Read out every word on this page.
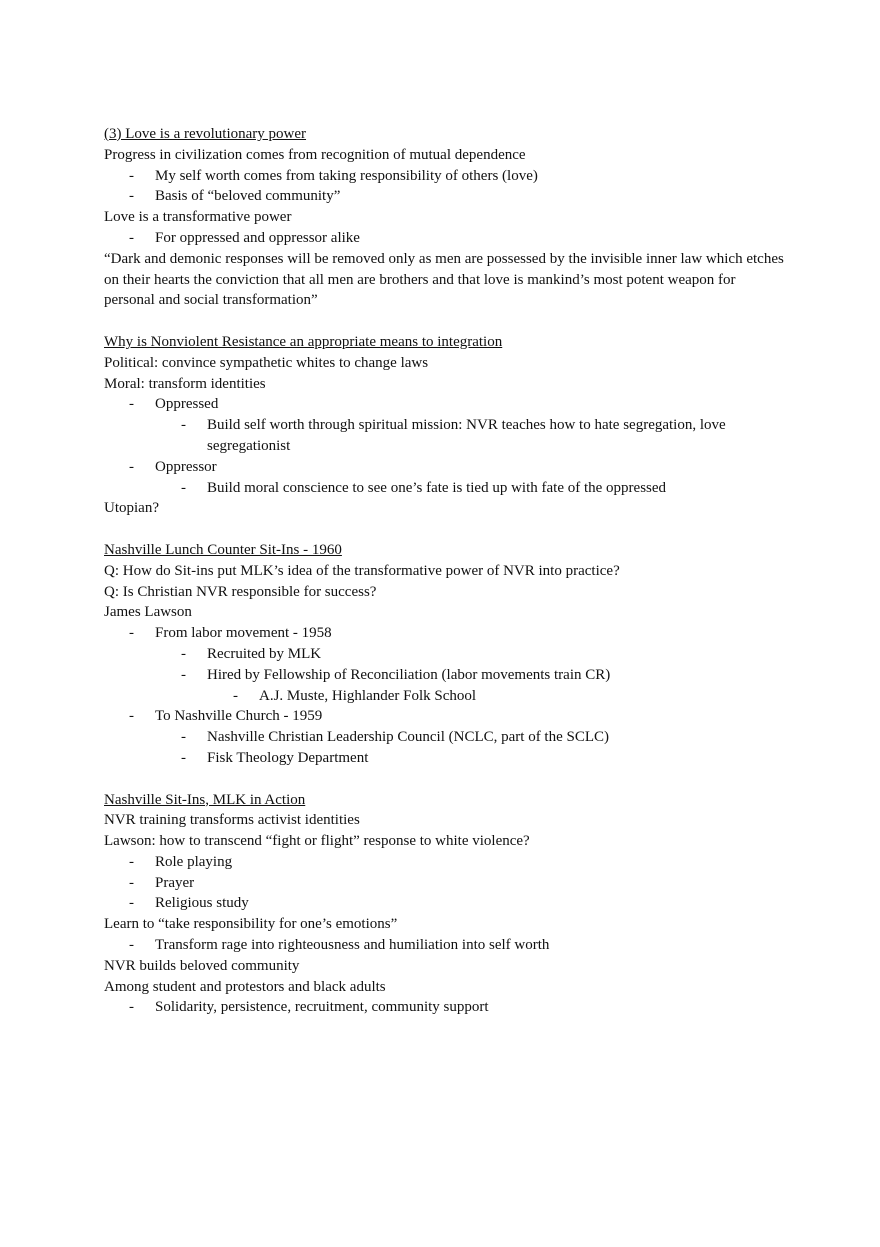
(3) Love is a revolutionary power

Progress in civilization comes from recognition of mutual dependence

- My self worth comes from taking responsibility of others (love)
- Basis of “beloved community”

Love is a transformative power

- For oppressed and oppressor alike

“Dark and demonic responses will be removed only as men are possessed by the invisible inner law which etches on their hearts the conviction that all men are brothers and that love is mankind’s most potent weapon for personal and social transformation”

Why is Nonviolent Resistance an appropriate means to integration

Political: convince sympathetic whites to change laws

Moral: transform identities

- Oppressed
- Build self worth through spiritual mission: NVR teaches how to hate segregation, love segregationist
- Oppressor
- Build moral conscience to see one’s fate is tied up with fate of the oppressed

Utopian?

Nashville Lunch Counter Sit-Ins - 1960

Q: How do Sit-ins put MLK’s idea of the transformative power of NVR into practice?

Q: Is Christian NVR responsible for success?

James Lawson

- From labor movement - 1958
- Recruited by MLK
- Hired by Fellowship of Reconciliation (labor movements train CR)
- A.J. Muste, Highlander Folk School
- To Nashville Church - 1959
- Nashville Christian Leadership Council (NCLC, part of the SCLC)
- Fisk Theology Department

Nashville Sit-Ins, MLK in Action

NVR training transforms activist identities

Lawson: how to transcend “fight or flight” response to white violence?

- Role playing
- Prayer
- Religious study

Learn to “take responsibility for one’s emotions”

- Transform rage into righteousness and humiliation into self worth

NVR builds beloved community

Among student and protestors and black adults

- Solidarity, persistence, recruitment, community support
